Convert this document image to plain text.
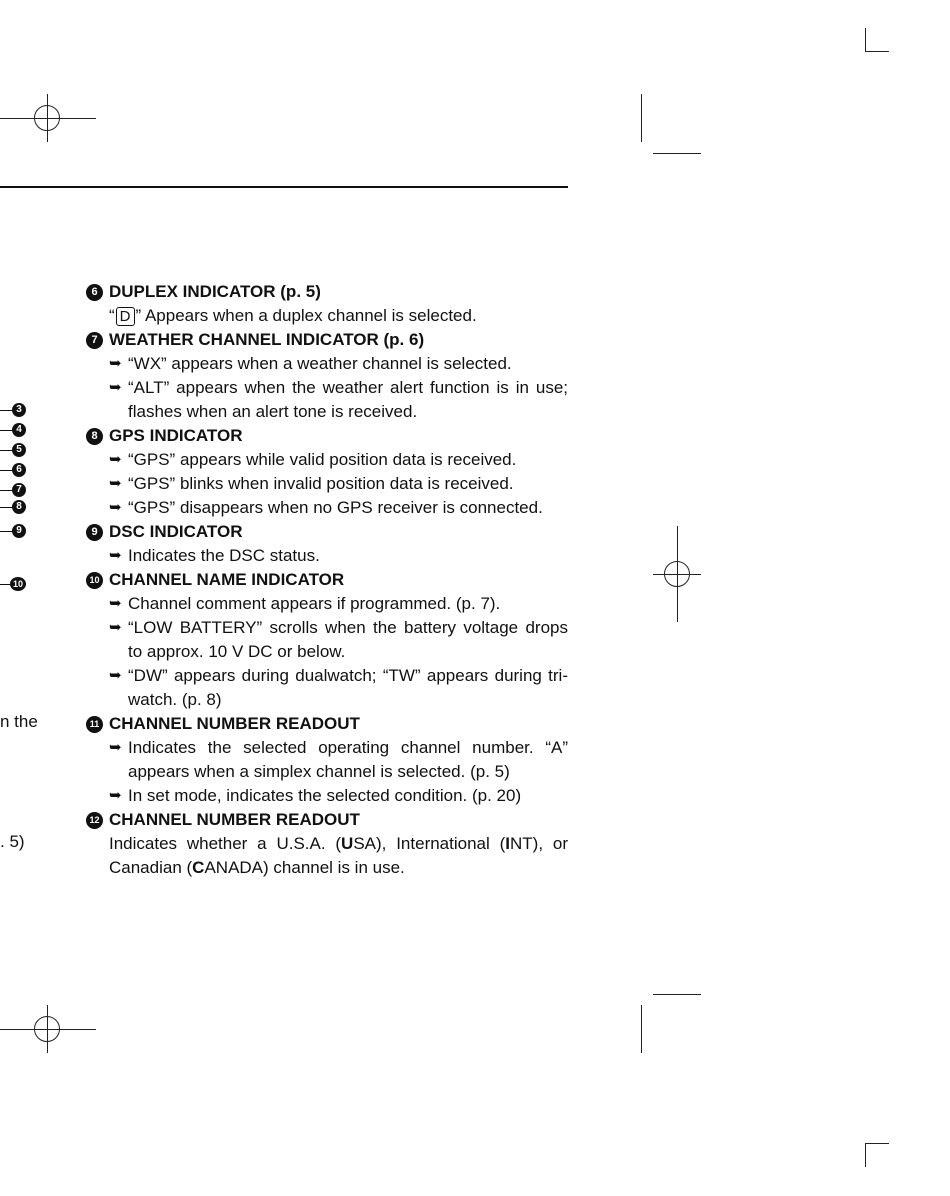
3
4
5
6
7
8
9
10
n the
. 5)
6 DUPLEX INDICATOR (p. 5)
“ D ” Appears when a duplex channel is selected.
7 WEATHER CHANNEL INDICATOR (p. 6)
➥ “WX” appears when a weather channel is selected.
➥ “ALT” appears when the weather alert function is in use; flashes when an alert tone is received.
8 GPS INDICATOR
➥ “GPS” appears while valid position data is received.
➥ “GPS” blinks when invalid position data is received.
➥ “GPS” disappears when no GPS receiver is connected.
9 DSC INDICATOR
➥ Indicates the DSC status.
10 CHANNEL NAME INDICATOR
➥ Channel comment appears if programmed. (p. 7).
➥ “LOW BATTERY” scrolls when the battery voltage drops to approx. 10 V DC or below.
➥ “DW” appears during dualwatch; “TW” appears during tri-watch. (p. 8)
11 CHANNEL NUMBER READOUT
➥ Indicates the selected operating channel number. “A” appears when a simplex channel is selected. (p. 5)
➥ In set mode, indicates the selected condition. (p. 20)
12 CHANNEL NUMBER READOUT
Indicates whether a U.S.A. (USA), International (INT), or Canadian (CANADA) channel is in use.
